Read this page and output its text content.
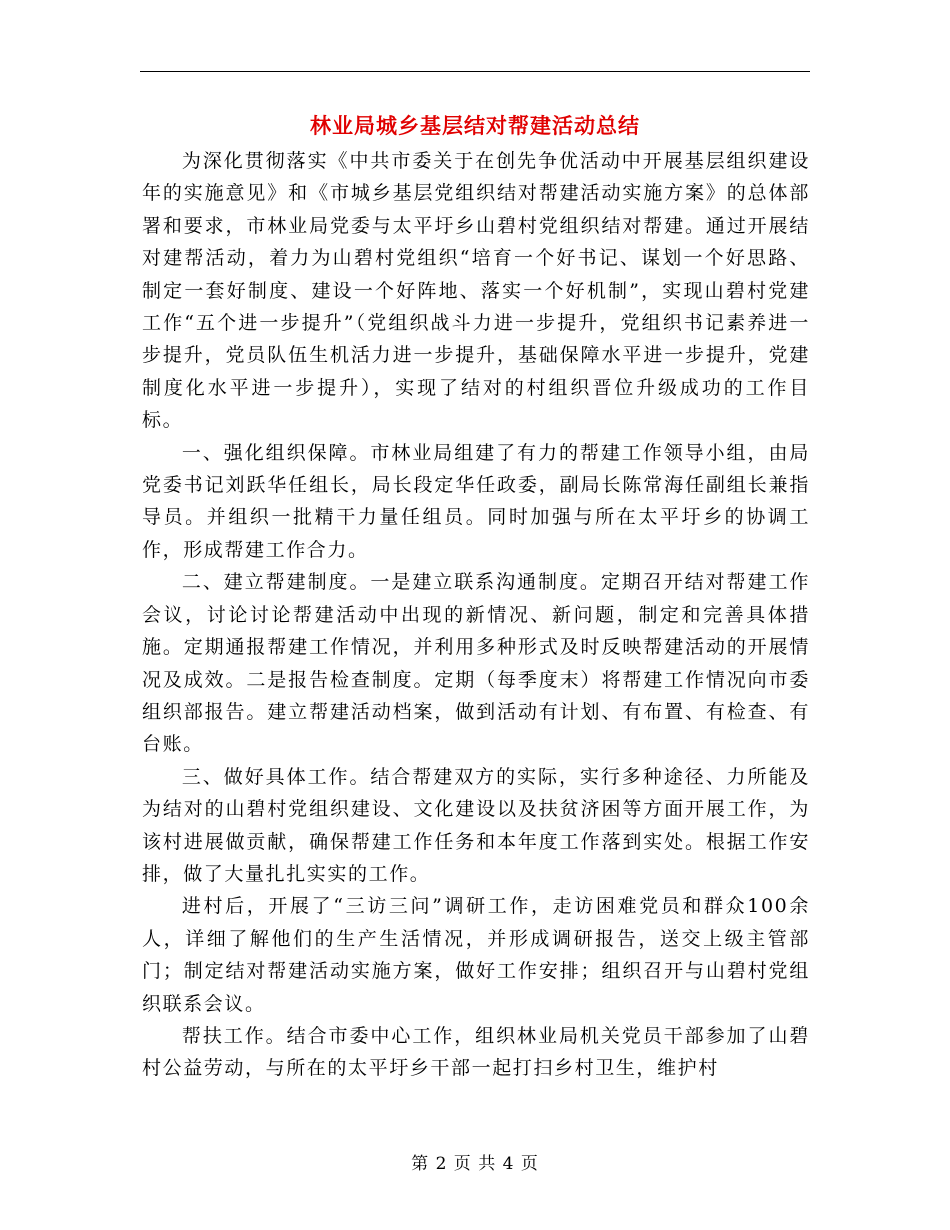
林业局城乡基层结对帮建活动总结

为深化贯彻落实《中共市委关于在创先争优活动中开展基层组织建设年的实施意见》和《市城乡基层党组织结对帮建活动实施方案》的总体部署和要求，市林业局党委与太平圩乡山碧村党组织结对帮建。通过开展结对建帮活动，着力为山碧村党组织“培育一个好书记、谋划一个好思路、制定一套好制度、建设一个好阵地、落实一个好机制”，实现山碧村党建工作“五个进一步提升”（党组织战斗力进一步提升，党组织书记素养进一步提升，党员队伍生机活力进一步提升，基础保障水平进一步提升，党建制度化水平进一步提升），实现了结对的村组织晋位升级成功的工作目标。

一、强化组织保障。市林业局组建了有力的帮建工作领导小组，由局党委书记刘跃华任组长，局长段定华任政委，副局长陈常海任副组长兼指导员。并组织一批精干力量任组员。同时加强与所在太平圩乡的协调工作，形成帮建工作合力。

二、建立帮建制度。一是建立联系沟通制度。定期召开结对帮建工作会议，讨论讨论帮建活动中出现的新情况、新问题，制定和完善具体措施。定期通报帮建工作情况，并利用多种形式及时反映帮建活动的开展情况及成效。二是报告检查制度。定期（每季度末）将帮建工作情况向市委组织部报告。建立帮建活动档案，做到活动有计划、有布置、有检查、有台账。

三、做好具体工作。结合帮建双方的实际，实行多种途径、力所能及为结对的山碧村党组织建设、文化建设以及扶贫济困等方面开展工作，为该村进展做贡献，确保帮建工作任务和本年度工作落到实处。根据工作安排，做了大量扎扎实实的工作。

进村后，开展了“三访三问”调研工作，走访困难党员和群众100余人，详细了解他们的生产生活情况，并形成调研报告，送交上级主管部门；制定结对帮建活动实施方案，做好工作安排；组织召开与山碧村党组织联系会议。

帮扶工作。结合市委中心工作，组织林业局机关党员干部参加了山碧村公益劳动，与所在的太平圩乡干部一起打扫乡村卫生，维护村

第 2 页 共 4 页
